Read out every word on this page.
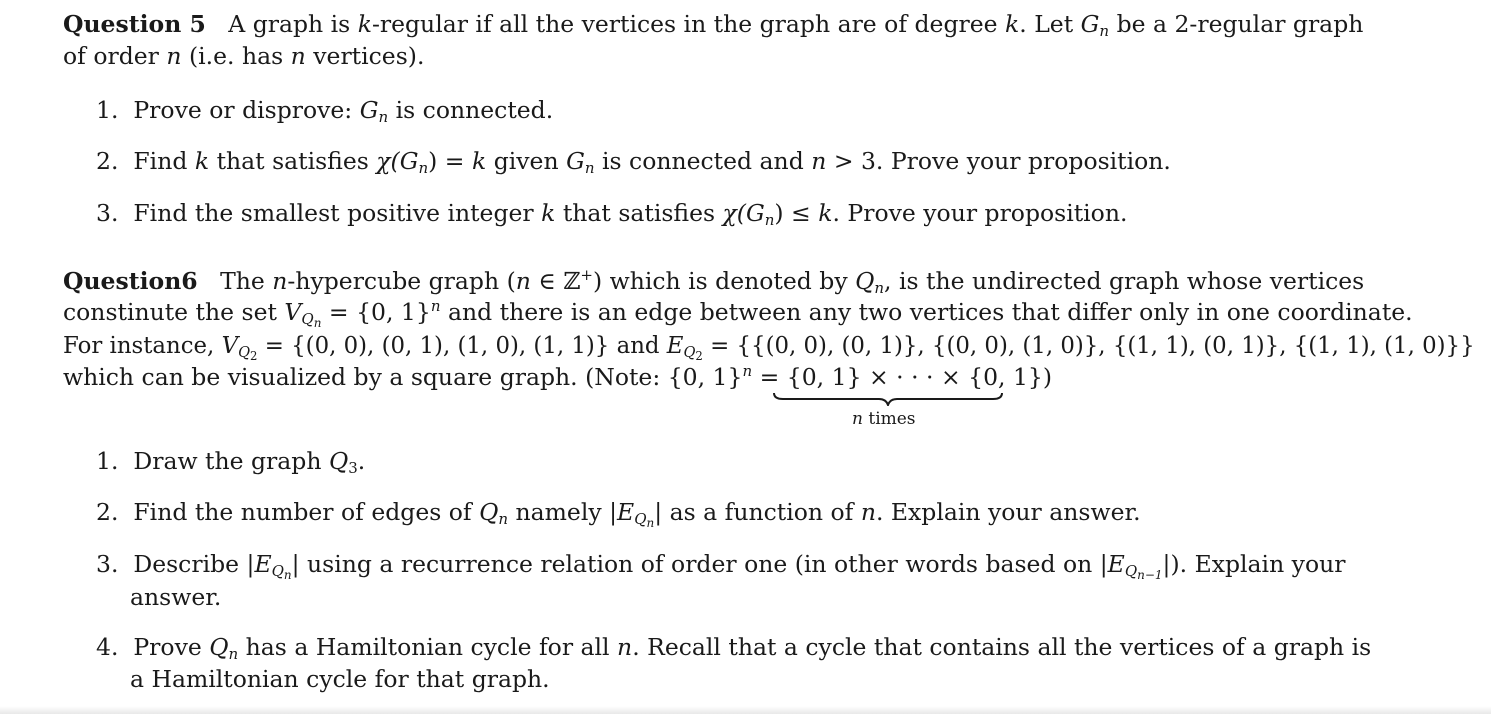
Question 5 A graph is k-regular if all the vertices in the graph are of degree k. Let $G_n$ be a 2-regular graph
of order n (i.e. has n vertices).
1. Prove or disprove: $G_n$ is connected.
2. Find k that satisfies $\chi(G_n) = k$ given $G_n$ is connected and n > 3. Prove your proposition.
3. Find the smallest positive integer k that satisfies $\chi(G_n) \le k$. Prove your proposition.
Question6 The n-hypercube graph (n ∈ ℤ+) which is denoted by $Q_n$, is the undirected graph whose vertices
constinute the set $V_{Q_n} = \{0$, 1}$^n$ and there is an edge between any two vertices that differ only in one coordinate.
For instance, $V_{Q_2} = \{(0$, 0), (0, 1), (1, 0), (1, 1)} and $E_{Q_2} = \{\{(0$, 0), (0, 1)}, {(0, 0), (1, 0)}, {(1, 1), (0, 1)}, {(1, 1), (1, 0)}}
which can be visualized by a square graph. (Note: {0, 1}$^n$ = {0, 1} × · · · × {0, 1})
n times
1. Draw the graph $Q_3$.
2. Find the number of edges of $Q_n$ namely $|E_{Q_n}|$ as a function of n. Explain your answer.
3. Describe $|E_{Q_n}|$ using a recurrence relation of order one (in other words based on $|E_{Q_{n-1}}|$). Explain your
answer.
4. Prove $Q_n$ has a Hamiltonian cycle for all n. Recall that a cycle that contains all the vertices of a graph is
a Hamiltonian cycle for that graph.
